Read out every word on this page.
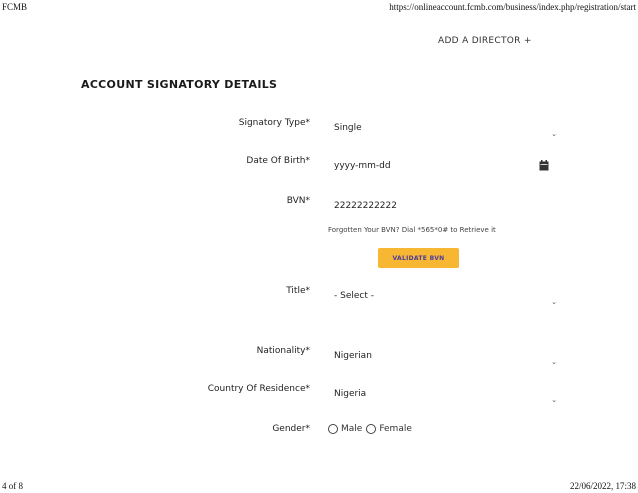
FCMB	https://onlineaccount.fcmb.com/business/index.php/registration/start
4 of 8	22/06/2022, 17:38
ADD A DIRECTOR +
ACCOUNT SIGNATORY DETAILS
Signatory Type*	Single
⌄
Date Of Birth*	yyyy-mm-dd
BVN*	22222222222
Forgotten Your BVN? Dial *565*0# to Retrieve it
VALIDATE BVN
Title*	- Select -
⌄
Nationality*	Nigerian
⌄
Country Of Residence*	Nigeria
⌄
Gender*	Male Female
